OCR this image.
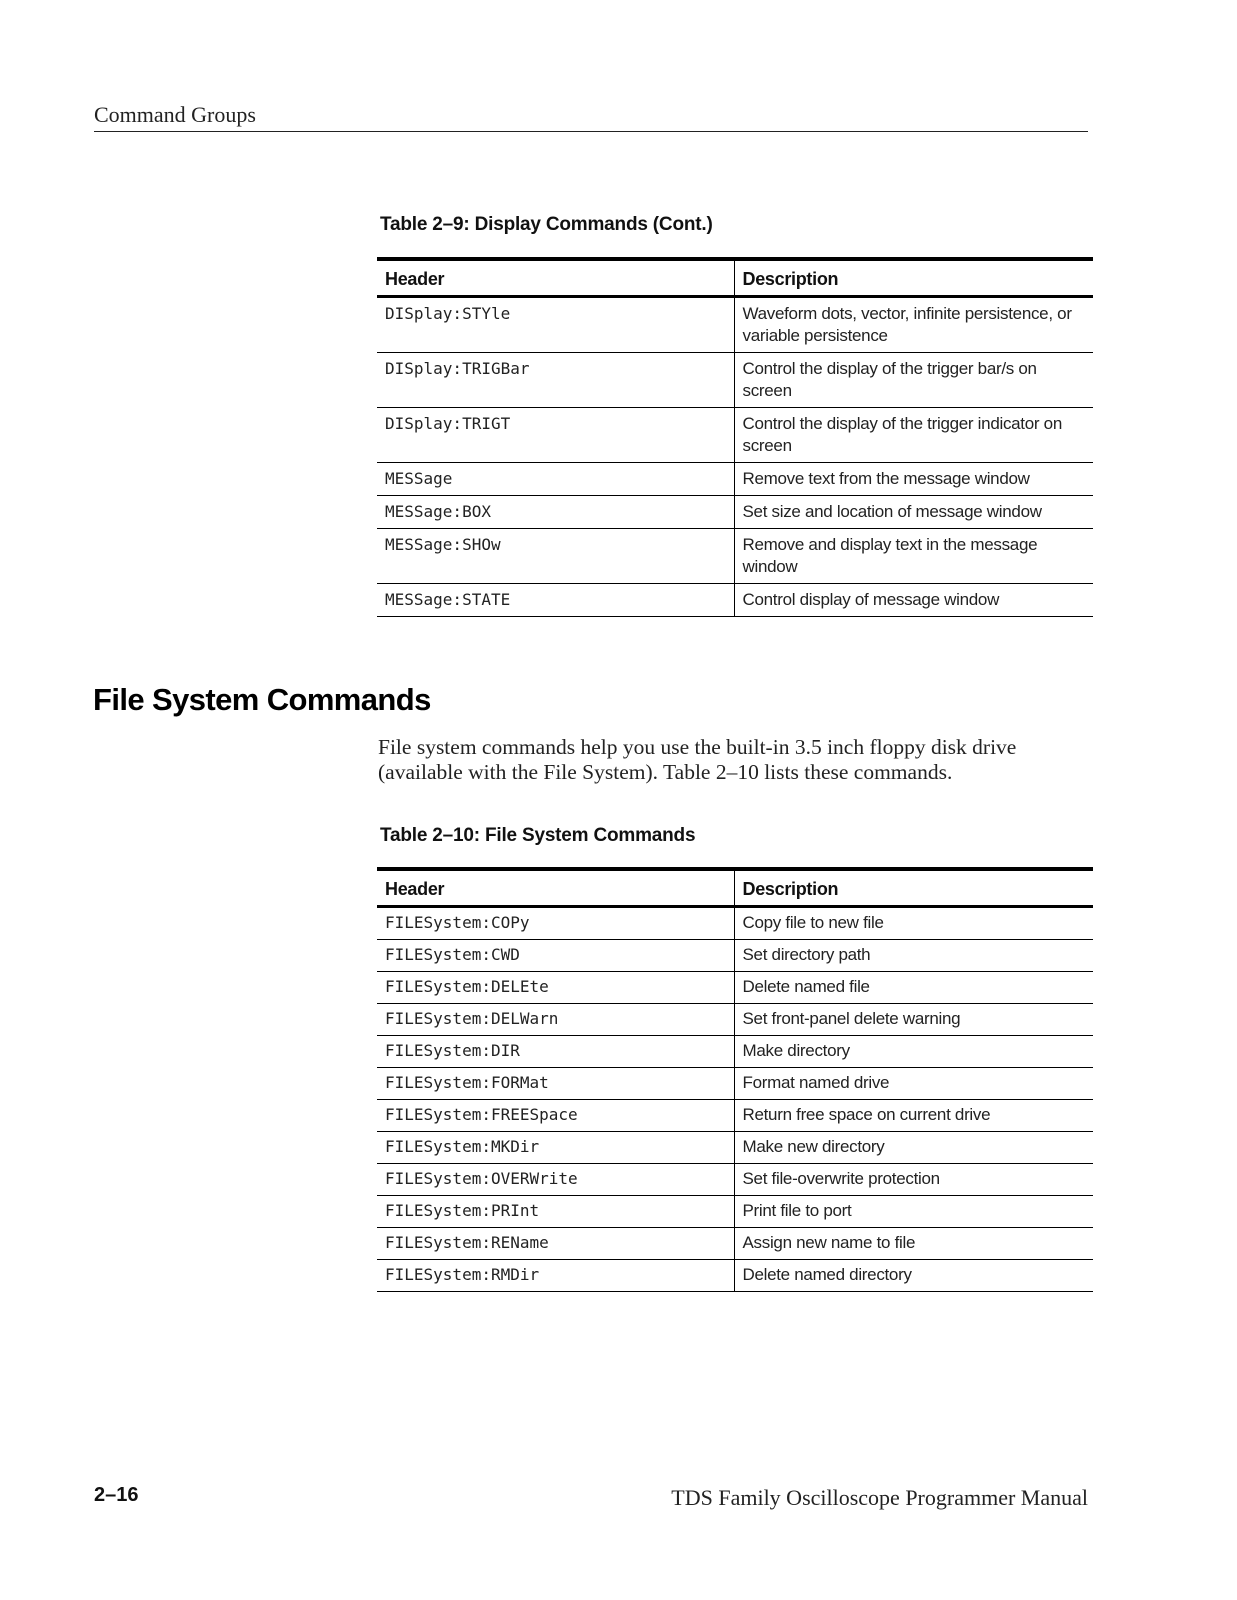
Command Groups
Table 2–9: Display Commands (Cont.)
Header	Description
DISplay:STYle	Waveform dots, vector, infinite persistence, or variable persistence
DISplay:TRIGBar	Control the display of the trigger bar/s on screen
DISplay:TRIGT	Control the display of the trigger indicator on screen
MESSage	Remove text from the message window
MESSage:BOX	Set size and location of message window
MESSage:SHOw	Remove and display text in the message window
MESSage:STATE	Control display of message window
File System Commands
File system commands help you use the built-in 3.5 inch floppy disk drive (available with the File System). Table 2–10 lists these commands.
Table 2–10: File System Commands
Header	Description
FILESystem:COPy	Copy file to new file
FILESystem:CWD	Set directory path
FILESystem:DELEte	Delete named file
FILESystem:DELWarn	Set front-panel delete warning
FILESystem:DIR	Make directory
FILESystem:FORMat	Format named drive
FILESystem:FREESpace	Return free space on current drive
FILESystem:MKDir	Make new directory
FILESystem:OVERWrite	Set file-overwrite protection
FILESystem:PRInt	Print file to port
FILESystem:REName	Assign new name to file
FILESystem:RMDir	Delete named directory
2–16	TDS Family Oscilloscope Programmer Manual
